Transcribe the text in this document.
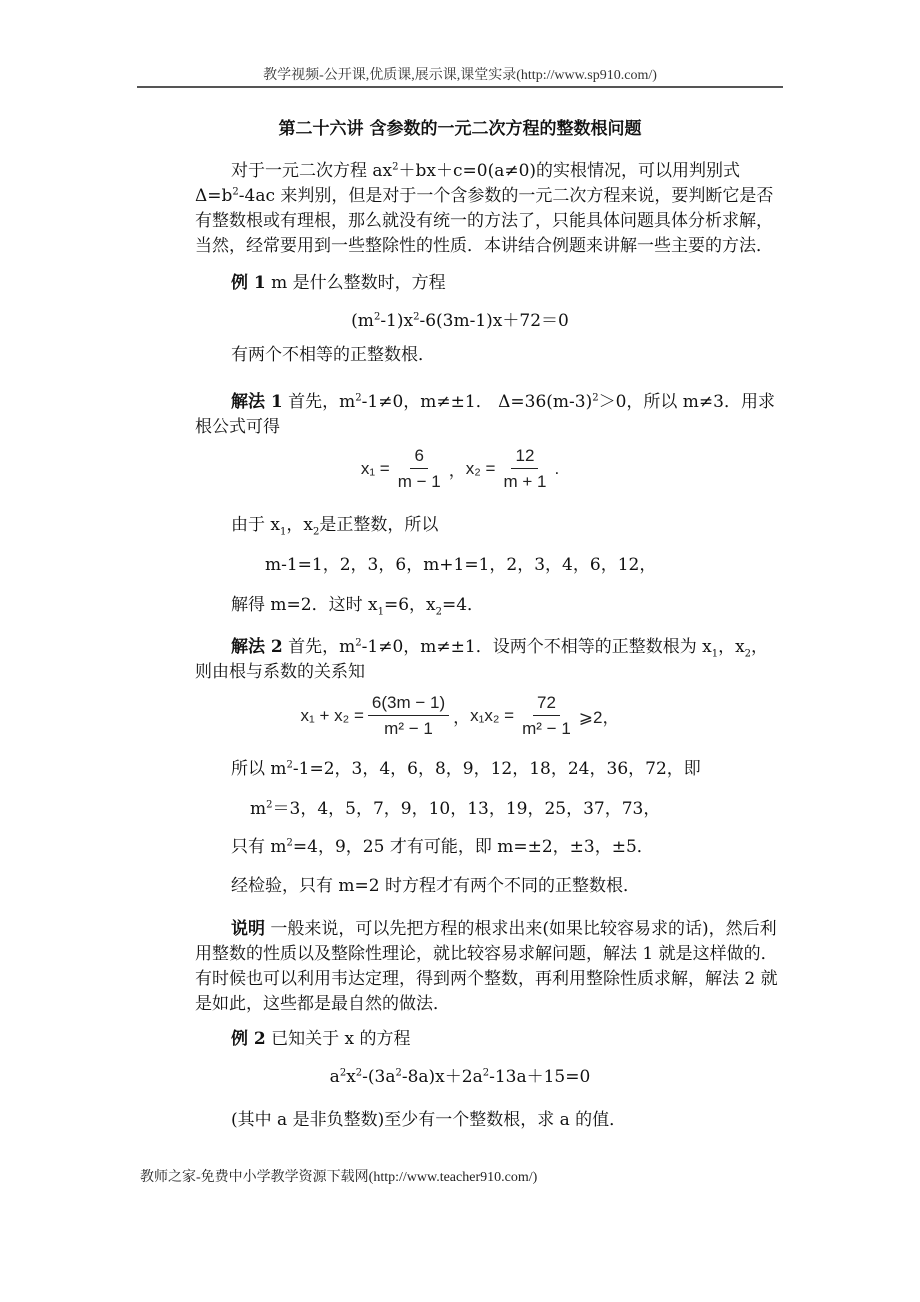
教学视频-公开课,优质课,展示课,课堂实录(http://www.sp910.com/)
第二十六讲 含参数的一元二次方程的整数根问题
对于一元二次方程 $ax^2+bx+c=0(a\ne 0)$的实根情况，可以用判别式$\Delta=b^2-4ac$ 来判别，但是对于一个含参数的一元二次方程来说，要判断它是否有整数根或有理根，那么就没有统一的方法了，只能具体问题具体分析求解，当然，经常要用到一些整除性的性质．本讲结合例题来讲解一些主要的方法．
例 1 m 是什么整数时，方程
$(m^2-1)x^2-6(3m-1)x+72=0$
有两个不相等的正整数根．
解法 1 首先，$m^2-1\ne 0$，m≠±1． $\Delta=36(m-3)^2>0$，所以 m≠3．用求根公式可得
$x_1 = \frac{6}{m - 1}$ ， $x_2 = \frac{12}{m + 1}$ .
由于 $x_1$，$x_2$是正整数，所以
m-1=1，2，3，6，m+1=1，2，3，4，6，12，
解得 m=2．这时 $x_1=6$，$x_2=4$．
解法 2 首先，$m^2-1\ne 0$，m≠±1．设两个不相等的正整数根为 $x_1$，$x_2$，则由根与系数的关系知
$x_1 + x_2 = \frac{6(3m - 1)}{\text{m² − 1}}$ ， $x_1x_2 = \frac{72}{\text{m² − 1}}$ ⩾2，
所以 $m^2-1=2$，3，4，6，8，9，12，18，24，36，72，即
$m^2=3$，4，5，7，9，10，13，19，25，37，73，
只有 $m^2=4$，9，25 才有可能，即 m=±2，±3，±5．
经检验，只有 m=2 时方程才有两个不同的正整数根．
说明 一般来说，可以先把方程的根求出来(如果比较容易求的话)，然后利用整数的性质以及整除性理论，就比较容易求解问题，解法 1 就是这样做的．有时候也可以利用韦达定理，得到两个整数，再利用整除性质求解，解法 2 就是如此，这些都是最自然的做法．
例 2 已知关于 x 的方程
$a^2x^2-(3a^2-8a)x+2a^2-13a+15=0$
(其中 a 是非负整数)至少有一个整数根，求 a 的值．
教师之家-免费中小学教学资源下载网(http://www.teacher910.com/)
